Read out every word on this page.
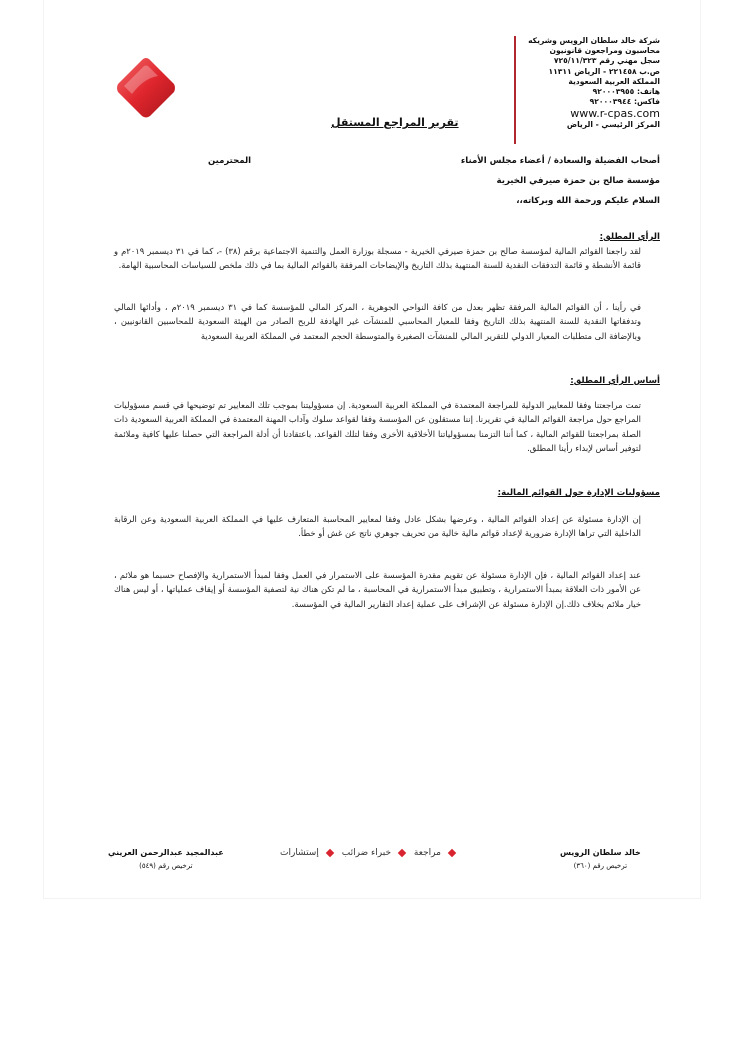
شركة خالد سلطان الرويس وشريكه
محاسبون ومراجعون قانونيون
سجل مهني رقم ٧٢٥/١١/٣٢٣
ص.ب ٢٢١٤٥٨ - الرياض ١١٣١١
المملكة العربية السعودية
هاتف: ٩٢٠٠٠٣٩٥٥
فاكس: ٩٢٠٠٠٣٩٤٤
www.r-cpas.com
المركز الرئيسي - الرياض
تقرير المراجع المستقل
أصحاب الفضيلة والسعادة / أعضاء مجلس الأمناء
المحترمين
مؤسسة صالح بن حمزة صيرفي الخيرية
السلام عليكم ورحمة الله وبركاته،،
الرأي المطلق:
لقد راجعنا القوائم المالية لمؤسسة صالح بن حمزة صيرفي الخيرية - مسجلة بوزارة العمل والتنمية الاجتماعية برقم (٣٨) -، كما في ٣١ ديسمبر ٢٠١٩م و قائمة الأنشطة و قائمة التدفقات النقدية للسنة المنتهية بذلك التاريخ والإيضاحات المرفقة بالقوائم المالية بما في ذلك ملخص للسياسات المحاسبية الهامة.
في رأينا ، أن القوائم المالية المرفقة تظهر بعدل من كافة النواحي الجوهرية ، المركز المالي للمؤسسة كما في ٣١ ديسمبر ٢٠١٩م ، وأدائها المالي وتدفقاتها النقدية للسنة المنتهية بذلك التاريخ وفقا للمعيار المحاسبي للمنشآت غير الهادفة للربح الصادر من الهيئة السعودية للمحاسبين القانونيين ، وبالإضافة الى متطلبات المعيار الدولي للتقرير المالي للمنشآت الصغيرة والمتوسطة الحجم المعتمد في المملكة العربية السعودية
أساس الرأي المطلق:
تمت مراجعتنا وفقا للمعايير الدولية للمراجعة المعتمدة في المملكة العربية السعودية. إن مسؤوليتنا بموجب تلك المعايير تم توضيحها في قسم مسؤوليات المراجع حول مراجعة القوائم المالية في تقريرنا. إننا مستقلون عن المؤسسة وفقا لقواعد سلوك وآداب المهنة المعتمدة في المملكة العربية السعودية ذات الصلة بمراجعتنا للقوائم المالية ، كما أننا التزمنا بمسؤولياتنا الأخلاقية الأخرى وفقا لتلك القواعد. باعتقادنا أن أدلة المراجعة التي حصلنا عليها كافية وملائمة لتوفير أساس لإبداء رأينا المطلق.
مسؤوليات الإدارة حول القوائم المالية:
إن الإدارة مسئولة عن إعداد القوائم المالية ، وعرضها بشكل عادل وفقا لمعايير المحاسبة المتعارف عليها في المملكة العربية السعودية وعن الرقابة الداخلية التي تراها الإدارة ضرورية لإعداد قوائم مالية خالية من تحريف جوهري ناتج عن غش أو خطأ.
عند إعداد القوائم المالية ، فإن الإدارة مسئولة عن تقويم مقدرة المؤسسة على الاستمرار في العمل وفقا لمبدأ الاستمرارية والإفصاح حسبما هو ملائم ، عن الأمور ذات العلاقة بمبدأ الاستمرارية ، وتطبيق مبدأ الاستمرارية في المحاسبة ، ما لم تكن هناك نية لتصفية المؤسسة أو إيقاف عملياتها ، أو ليس هناك خيار ملائم بخلاف ذلك.إن الإدارة مسئولة عن الإشراف على عملية إعداد التقارير المالية في المؤسسة.
عبدالمجيد عبدالرحمن العريني
ترخيص رقم (٥٤٩)
مراجعة خبراء ضرائب إستشارات	خالد سلطان الرويس
ترخيص رقم (٣٦٠)
